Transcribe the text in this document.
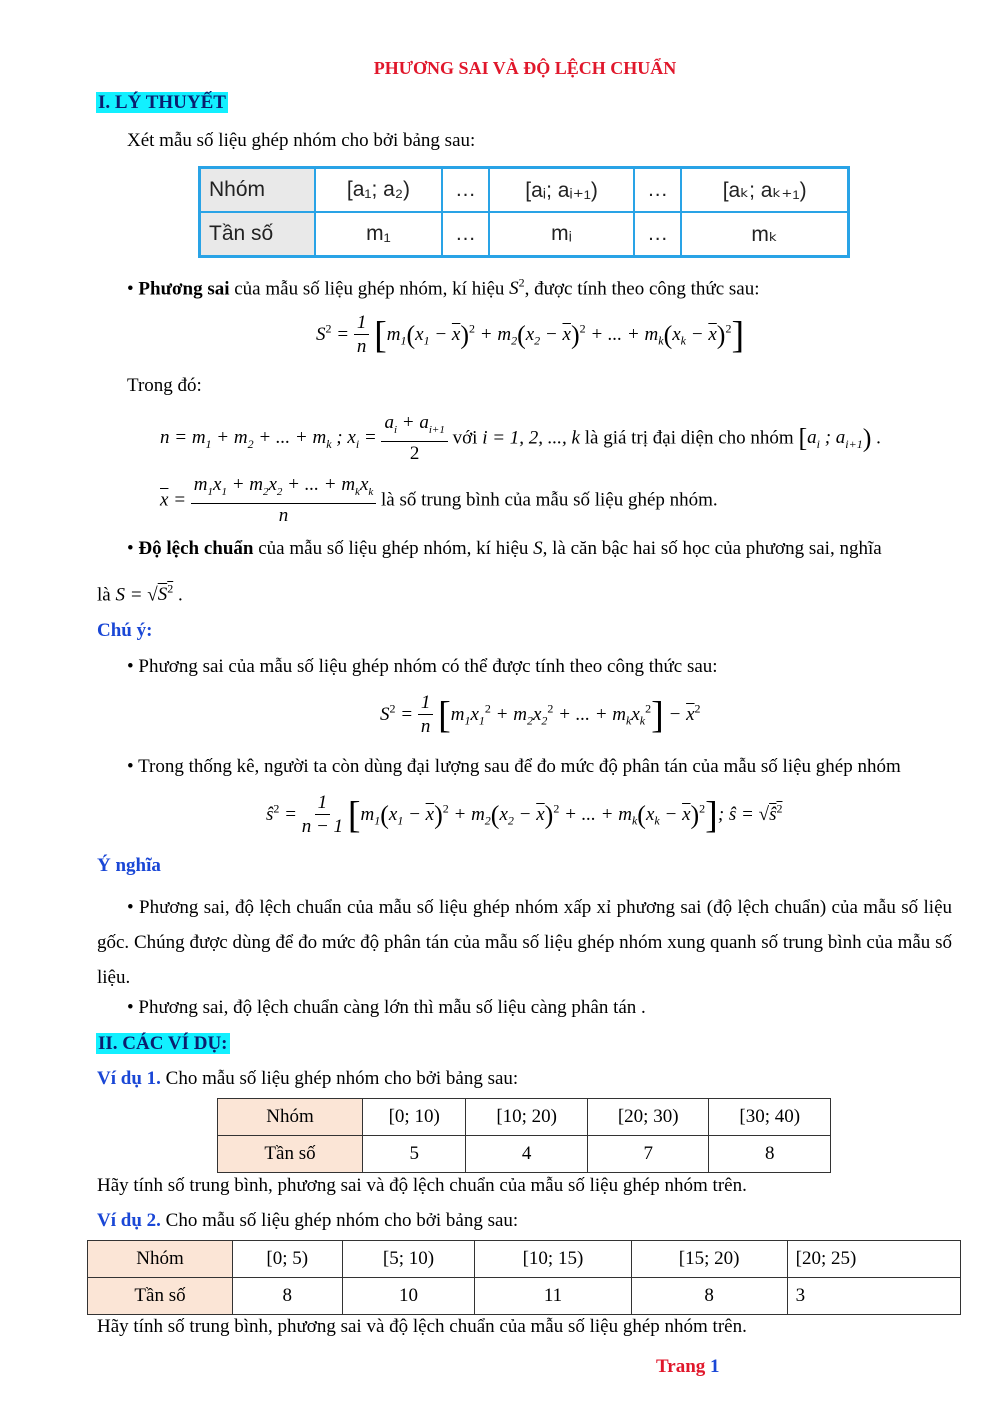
PHƯƠNG SAI VÀ ĐỘ LỆCH CHUẨN
I. LÝ THUYẾT
Xét mẫu số liệu ghép nhóm cho bởi bảng sau:
Nhóm	[a₁; a₂)	…	[aᵢ; aᵢ₊₁)	…	[aₖ; aₖ₊₁)
Tần số	m₁	…	mᵢ	…	mₖ
• Phương sai của mẫu số liệu ghép nhóm, kí hiệu $S^2$, được tính theo công thức sau:
$S^2 = \frac{1}{n} [m_1(x_1 - \overline{x})^2 + m_2(x_2 - \overline{x})^2$ + ... + $m_k(x_k - \overline{x})^2$]
Trong đó:
$n = m_1 + m_2$ + ... + $m_k$ ; $x_i = \frac{a_i + a_{i+1}}{2}$ với i = 1, 2, ..., k là giá trị đại diện cho nhóm [$a_i$ ; $a_{i+1}$) .
$\overline{x} = \frac{m_1x_1 + m_2x_2 + ... + m_kx_k}{n}$ là số trung bình của mẫu số liệu ghép nhóm.
• Độ lệch chuẩn của mẫu số liệu ghép nhóm, kí hiệu S, là căn bậc hai số học của phương sai, nghĩa
là $S = √S^2$ .
Chú ý:
• Phương sai của mẫu số liệu ghép nhóm có thể được tính theo công thức sau:
$S^2 = \frac{1}{n} [m_1x_1^2 + m_2x_2^2$ + ... + $m_kx_k^2] - \overline{x}^2$
• Trong thống kê, người ta còn dùng đại lượng sau để đo mức độ phân tán của mẫu số liệu ghép nhóm
$ŝ^2 = \frac{1}{n - 1} [m_1(x_1 - \overline{x})^2 + m_2(x_2 - \overline{x})^2$ + ... + $m_k(x_k - \overline{x})^2$]; ŝ = $√ŝ^2$
Ý nghĩa
• Phương sai, độ lệch chuẩn của mẫu số liệu ghép nhóm xấp xỉ phương sai (độ lệch chuẩn) của mẫu số liệu gốc. Chúng được dùng để đo mức độ phân tán của mẫu số liệu ghép nhóm xung quanh số trung bình của mẫu số liệu.
• Phương sai, độ lệch chuẩn càng lớn thì mẫu số liệu càng phân tán .
II. CÁC VÍ DỤ:
Ví dụ 1. Cho mẫu số liệu ghép nhóm cho bởi bảng sau:
Nhóm	[0; 10)	[10; 20)	[20; 30)	[30; 40)
Tần số	5	4	7	8
Hãy tính số trung bình, phương sai và độ lệch chuẩn của mẫu số liệu ghép nhóm trên.
Ví dụ 2. Cho mẫu số liệu ghép nhóm cho bởi bảng sau:
Nhóm	[0; 5)	[5; 10)	[10; 15)	[15; 20)	[20; 25)
Tần số	8	10	11	8	3
Hãy tính số trung bình, phương sai và độ lệch chuẩn của mẫu số liệu ghép nhóm trên.
Trang 1
